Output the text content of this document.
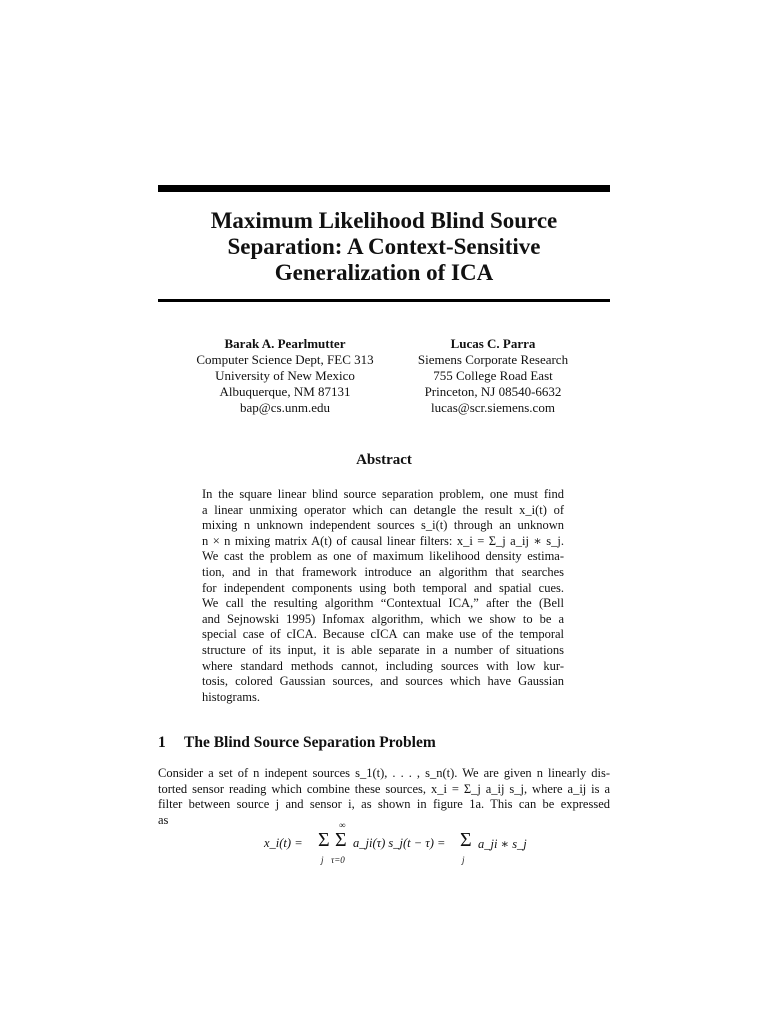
Maximum Likelihood Blind Source
Separation: A Context-Sensitive
Generalization of ICA
Barak A. Pearlmutter
Computer Science Dept, FEC 313
University of New Mexico
Albuquerque, NM 87131
bap@cs.unm.edu
Lucas C. Parra
Siemens Corporate Research
755 College Road East
Princeton, NJ 08540-6632
lucas@scr.siemens.com
Abstract
In the square linear blind source separation problem, one must find
a linear unmixing operator which can detangle the result x_i(t) of
mixing n unknown independent sources s_i(t) through an unknown
n × n mixing matrix A(t) of causal linear filters: x_i = Σ_j a_ij ∗ s_j.
We cast the problem as one of maximum likelihood density estima-
tion, and in that framework introduce an algorithm that searches
for independent components using both temporal and spatial cues.
We call the resulting algorithm “Contextual ICA,” after the (Bell
and Sejnowski 1995) Infomax algorithm, which we show to be a
special case of cICA. Because cICA can make use of the temporal
structure of its input, it is able separate in a number of situations
where standard methods cannot, including sources with low kur-
tosis, colored Gaussian sources, and sources which have Gaussian
histograms.
1 The Blind Source Separation Problem
Consider a set of n indepent sources s_1(t), . . . , s_n(t). We are given n linearly dis-
torted sensor reading which combine these sources, x_i = Σ_j a_ij s_j, where a_ij is a
filter between source j and sensor i, as shown in figure 1a. This can be expressed
as
x_i(t) = Σ
j
∞
Σ
τ=0
a_ji(τ) s_j(t − τ) = Σ
j
a_ji ∗ s_j
